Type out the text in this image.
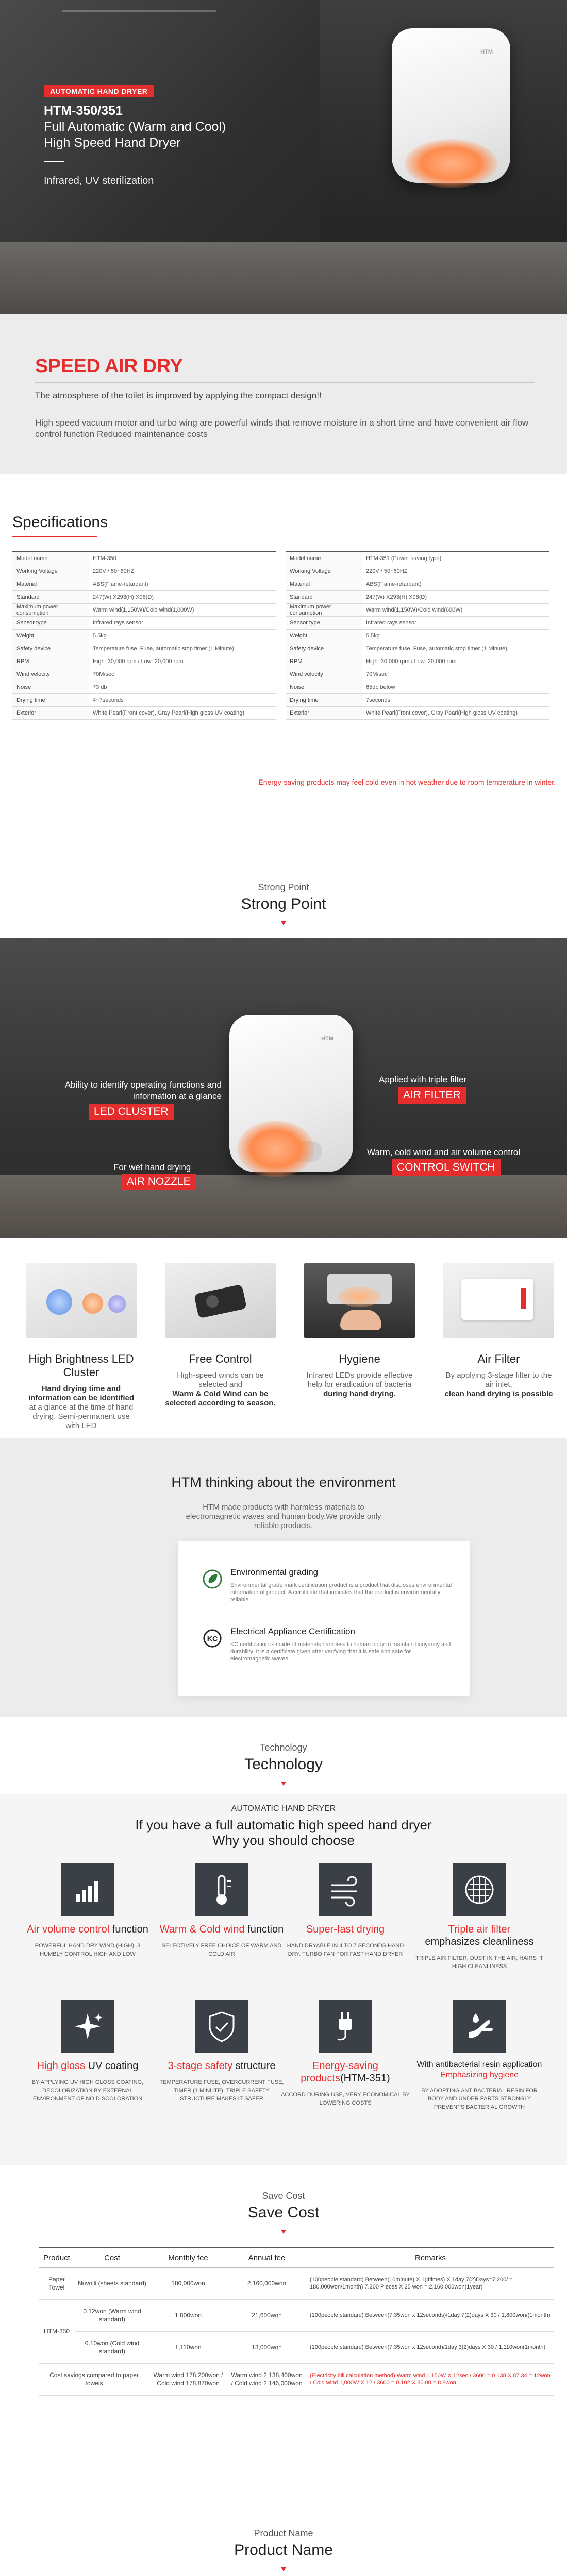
AUTOMATIC HAND DRYER
HTM-350/351
Full Automatic (Warm and Cool)
High Speed Hand Dryer
Infrared, UV sterilization
HTM
SPEED AIR DRY
The atmosphere of the toilet is improved by applying the compact design!!
High speed vacuum motor and turbo wing are powerful winds that remove moisture in a short time and have convenient air flow control function Reduced maintenance costs
Specifications
Model name	HTM-350
Working Voltage	220V / 50~60HZ
Material	ABS(Flame-retardant)
Standard	247(W) X293(H) X98(D)
Maximum power consumption	Warm wind(1,150W)/Cold wind(1,000W)
Sensor type	Infrared rays sensor
Weight	5.5kg
Safety device	Temperature fuse, Fuse, automatic stop timer (1 Minute)
RPM	High: 30,000 rpm / Low: 20,000 rpm
Wind velocity	70M/sec
Noise	73 db
Drying time	4~7seconds
Exterior	White Pearl(Front cover), Gray Pearl(High gloss UV coating)
Model name	HTM-351 (Power saving type)
Working Voltage	220V / 50~60HZ
Material	ABS(Flame-retardant)
Standard	247(W) X293(H) X98(D)
Maximum power consumption	Warm wind(1,150W)/Cold wind(600W)
Sensor type	Infrared rays sensor
Weight	5.5kg
Safety device	Temperature fuse, Fuse, automatic stop timer (1 Minute)
RPM	High: 30,000 rpm / Low: 20,000 rpm
Wind velocity	70M/sec
Noise	65db below
Drying time	7seconds
Exterior	White Pearl(Front cover), Gray Pearl(High gloss UV coating)
Energy-saving products may feel cold even in hot weather due to room temperature in winter.
Strong Point
Strong Point
HTM
Ability to identify operating functions and information at a glance
LED CLUSTER
Applied with triple filter
AIR FILTER
For wet hand drying
AIR NOZZLE
Warm, cold wind and air volume control
CONTROL SWITCH
High Brightness LED Cluster
Hand drying time and information can be identified
at a glance at the time of hand drying. Semi-permanent use with LED
Free Control
High-speed winds can be selected and
Warm & Cold Wind can be selected according to season.
Hygiene
Infrared LEDs provide effective help for eradication of bacteria
during hand drying.
Air Filter
By applying 3-stage filter to the air inlet,
clean hand drying is possible
HTM thinking about the environment
HTM made products with harmless materials to electromagnetic waves and human body.We provide only reliable products.
Environmental grading
Environmental grade mark certification product is a product that discloses environmental information of product. A certificate that indicates that the product is environmentally reliable.
KC
Electrical Appliance Certification
KC certification is made of materials harmless to human body to maintain buoyancy and durability. It is a certificate given after verifying that it is safe and safe for electromagnetic waves.
Technology
Technology
AUTOMATIC HAND DRYER
If you have a full automatic high speed hand dryer
Why you should choose
Air volume control function
POWERFUL HAND DRY WIND (HIGH), 3 HUMBLY CONTROL HIGH AND LOW
Warm & Cold wind function
SELECTIVELY FREE CHOICE OF WARM AND COLD AIR
Super-fast drying
HAND DRYABLE IN 4 TO 7 SECONDS HAND DRY. TURBO FAN FOR FAST HAND DRYER
Triple air filter
emphasizes cleanliness
TRIPLE AIR FILTER, DUST IN THE AIR, HAIRS IT HIGH CLEANLINESS
High gloss UV coating
BY APPLYING UV HIGH GLOSS COATING, DECOLORIZATION BY EXTERNAL ENVIRONMENT OF NO DISCOLORATION
3-stage safety structure
TEMPERATURE FUSE, OVERCURRENT FUSE, TIMER (1 MINUTE). TRIPLE SAFETY STRUCTURE MAKES IT SAFER
Energy-saving products(HTM-351)
ACCORD DURING USE, VERY ECONOMICAL BY LOWERING COSTS
With antibacterial resin application
Emphasizing hygiene
BY ADOPTING ANTIBACTERIAL RESIN FOR BODY AND UNDER PARTS STRONGLY PREVENTS BACTERIAL GROWTH
Save Cost
Save Cost
Product	Cost	Monthly fee	Annual fee	Remarks
Paper Towel	Nuvolli (sheets standard)	180,000won	2,160,000won	(100people standard) Between(10minute) X 1(4times) X 1day 7(2)Days=7,200/ = 180,000won/1month) 7.200 Pieces X 25 won = 2,160,000won(1year)
HTM-350	0.12won (Warm wind standard)	1,800won	21,600won	(100people standard) Between(7.35won x 12seconds)/1day 7(2)days X 30 / 1,800won/(1month)
	0.10won (Cold wind standard)	1,110won	13,000won	(100people standard) Between(7.35won x 12second)/1day 3(2)days X 30 / 1,110won(1month)
Cost savings compared to paper towels		Warm wind 178,200won / Cold wind 178,870won	Warm wind 2,138,400won / Cold wind 2,146,000won	(Electricity bill calculation method) Warm wind 1.150W X 12sec / 3600 = 0.138 X 87.34 = 12won / Cold wind 1,000W X 12 / 3600 = 0.102 X 80.00 = 8.8won
Product Name
Product Name
